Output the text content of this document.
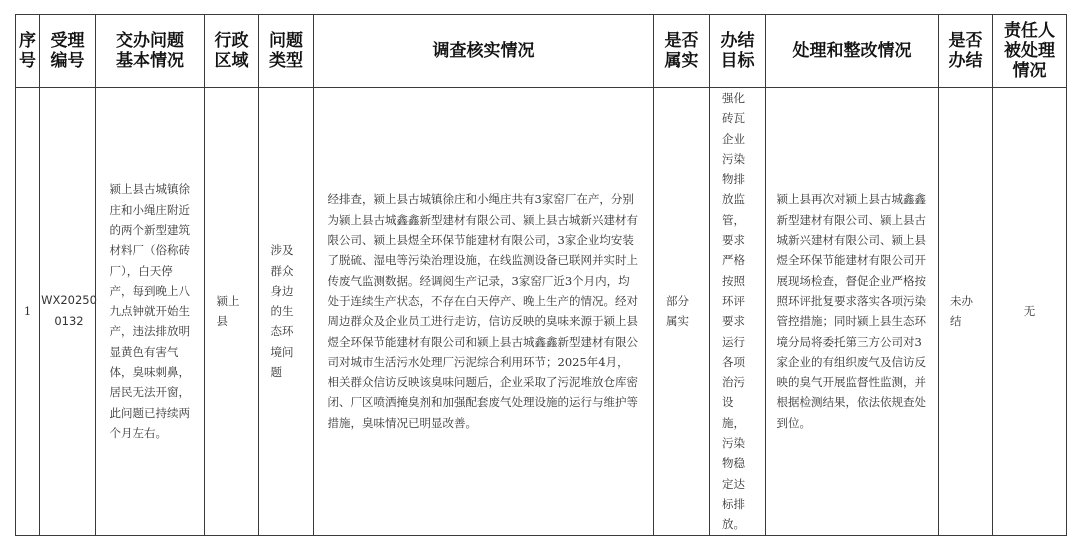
序号	受理编号	交办问题基本情况	行政区域	问题类型	调查核实情况	是否属实	办结目标	处理和整改情况	是否办结	责任人被处理情况

1	WX202500132	颍上县古城镇徐庄和小绳庄附近的两个新型建筑材料厂（俗称砖厂），白天停产，每到晚上八九点钟就开始生产，违法排放明显黄色有害气体，臭味刺鼻，居民无法开窗，此问题已持续两个月左右。	颍上县	涉及群众身边的生态环境问题	经排查，颍上县古城镇徐庄和小绳庄共有3家窑厂在产，分别为颍上县古城鑫鑫新型建材有限公司、颍上县古城新兴建材有限公司、颍上县煜全环保节能建材有限公司，3家企业均安装了脱硫、湿电等污染治理设施，在线监测设备已联网并实时上传废气监测数据。经调阅生产记录，3家窑厂近3个月内，均处于连续生产状态，不存在白天停产、晚上生产的情况。经对周边群众及企业员工进行走访，信访反映的臭味来源于颍上县煜全环保节能建材有限公司和颍上县古城鑫鑫新型建材有限公司对城市生活污水处理厂污泥综合利用环节；2025年4月，相关群众信访反映该臭味问题后，企业采取了污泥堆放仓库密闭、厂区喷洒掩臭剂和加强配套废气处理设施的运行与维护等措施，臭味情况已明显改善。	部分属实	强化砖瓦企业污染物排放监管，要求严格按照环评要求运行各项治污设施，污染物稳定达标排放。	颍上县再次对颍上县古城鑫鑫新型建材有限公司、颍上县古城新兴建材有限公司、颍上县煜全环保节能建材有限公司开展现场检查，督促企业严格按照环评批复要求落实各项污染管控措施；同时颍上县生态环境分局将委托第三方公司对3家企业的有组织废气及信访反映的臭气开展监督性监测，并根据检测结果，依法依规查处到位。	未办结	无
